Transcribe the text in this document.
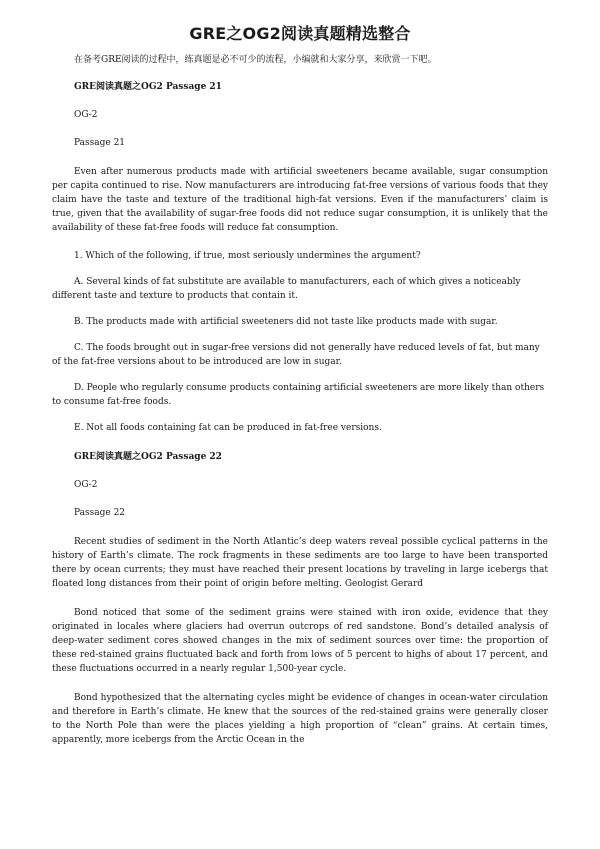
GRE之OG2阅读真题精选整合

在备考GRE阅读的过程中，练真题是必不可少的流程，小编就和大家分享，来欣赏一下吧。

GRE阅读真题之OG2 Passage 21

OG-2

Passage 21

Even after numerous products made with artificial sweeteners became available, sugar consumption per capita continued to rise. Now manufacturers are introducing fat-free versions of various foods that they claim have the taste and texture of the traditional high-fat versions. Even if the manufacturers’ claim is true, given that the availability of sugar-free foods did not reduce sugar consumption, it is unlikely that the availability of these fat-free foods will reduce fat consumption.

1. Which of the following, if true, most seriously undermines the argument?

A. Several kinds of fat substitute are available to manufacturers, each of which gives a noticeably different taste and texture to products that contain it.

B. The products made with artificial sweeteners did not taste like products made with sugar.

C. The foods brought out in sugar-free versions did not generally have reduced levels of fat, but many of the fat-free versions about to be introduced are low in sugar.

D. People who regularly consume products containing artificial sweeteners are more likely than others to consume fat-free foods.

E. Not all foods containing fat can be produced in fat-free versions.

GRE阅读真题之OG2 Passage 22

OG-2

Passage 22

Recent studies of sediment in the North Atlantic’s deep waters reveal possible cyclical patterns in the history of Earth’s climate. The rock fragments in these sediments are too large to have been transported there by ocean currents; they must have reached their present locations by traveling in large icebergs that floated long distances from their point of origin before melting. Geologist Gerard

Bond noticed that some of the sediment grains were stained with iron oxide, evidence that they originated in locales where glaciers had overrun outcrops of red sandstone. Bond’s detailed analysis of deep-water sediment cores showed changes in the mix of sediment sources over time: the proportion of these red-stained grains fluctuated back and forth from lows of 5 percent to highs of about 17 percent, and these fluctuations occurred in a nearly regular 1,500-year cycle.

Bond hypothesized that the alternating cycles might be evidence of changes in ocean-water circulation and therefore in Earth’s climate. He knew that the sources of the red-stained grains were generally closer to the North Pole than were the places yielding a high proportion of “clean” grains. At certain times, apparently, more icebergs from the Arctic Ocean in the
